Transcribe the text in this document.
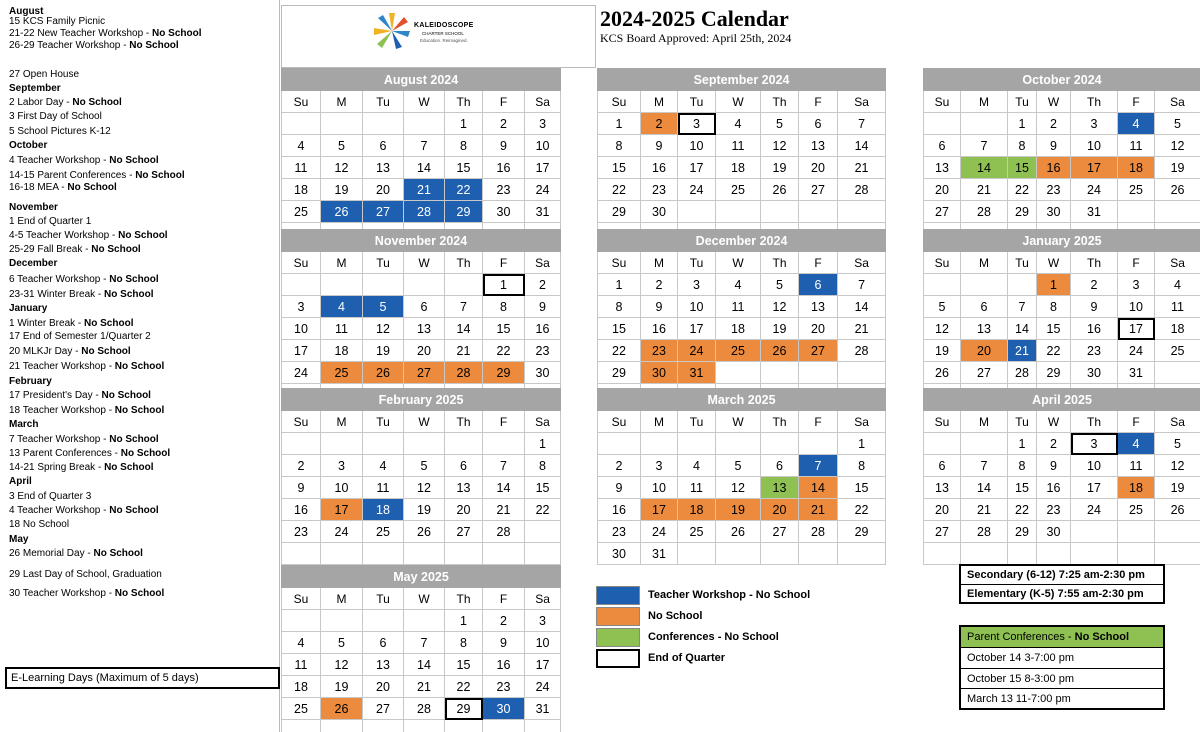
August
15 KCS Family Picnic
21-22 New Teacher Workshop - No School
26-29 Teacher Workshop - No School
27 Open House
September
2 Labor Day - No School
3 First Day of School
5 School Pictures K-12
October
4 Teacher Workshop - No School
14-15 Parent Conferences - No School
16-18 MEA - No School
November
1 End of Quarter 1
4-5 Teacher Workshop - No School
25-29 Fall Break - No School
December
6 Teacher Workshop - No School
23-31 Winter Break - No School
January
1 Winter Break - No School
17 End of Semester 1/Quarter 2
20 MLKJr Day - No School
21 Teacher Workshop - No School
February
17 President's Day - No School
18 Teacher Workshop - No School
March
7 Teacher Workshop - No School
13 Parent Conferences - No School
14-21 Spring Break - No School
April
3 End of Quarter 3
4 Teacher Workshop - No School
18 No School
May
26 Memorial Day - No School
29 Last Day of School, Graduation
30 Teacher Workshop - No School
KALEIDOSCOPE
CHARTER SCHOOL
Education. Reimagined.
2024-2025 Calendar
KCS Board Approved: April 25th, 2024
August 2024						
Su	M	Tu	W	Th	F	Sa
				1	2	3
4	5	6	7	8	9	10
11	12	13	14	15	16	17
18	19	20	21	22	23	24
25	26	27	28	29	30	31

September 2024						
Su	M	Tu	W	Th	F	Sa
1	2	3	4	5	6	7
8	9	10	11	12	13	14
15	16	17	18	19	20	21
22	23	24	25	26	27	28
29	30					

October 2024						
Su	M	Tu	W	Th	F	Sa
		1	2	3	4	5
6	7	8	9	10	11	12
13	14	15	16	17	18	19
20	21	22	23	24	25	26
27	28	29	30	31		

November 2024						
Su	M	Tu	W	Th	F	Sa
					1	2
3	4	5	6	7	8	9
10	11	12	13	14	15	16
17	18	19	20	21	22	23
24	25	26	27	28	29	30

December 2024						
Su	M	Tu	W	Th	F	Sa
1	2	3	4	5	6	7
8	9	10	11	12	13	14
15	16	17	18	19	20	21
22	23	24	25	26	27	28
29	30	31				

January 2025						
Su	M	Tu	W	Th	F	Sa
			1	2	3	4
5	6	7	8	9	10	11
12	13	14	15	16	17	18
19	20	21	22	23	24	25
26	27	28	29	30	31	

February 2025						
Su	M	Tu	W	Th	F	Sa
						1
2	3	4	5	6	7	8
9	10	11	12	13	14	15
16	17	18	19	20	21	22
23	24	25	26	27	28	

March 2025						
Su	M	Tu	W	Th	F	Sa
						1
2	3	4	5	6	7	8
9	10	11	12	13	14	15
16	17	18	19	20	21	22
23	24	25	26	27	28	29
30	31					
April 2025						
Su	M	Tu	W	Th	F	Sa
		1	2	3	4	5
6	7	8	9	10	11	12
13	14	15	16	17	18	19
20	21	22	23	24	25	26
27	28	29	30			

May 2025						
Su	M	Tu	W	Th	F	Sa
				1	2	3
4	5	6	7	8	9	10
11	12	13	14	15	16	17
18	19	20	21	22	23	24
25	26	27	28	29	30	31

Teacher Workshop - No School
No School
Conferences - No School
End of Quarter
Secondary (6-12) 7:25 am-2:30 pm
Elementary (K-5) 7:55 am-2:30 pm
Parent Conferences - No School
October 14 3-7:00 pm
October 15 8-3:00 pm
March 13 11-7:00 pm
E-Learning Days (Maximum of 5 days)
